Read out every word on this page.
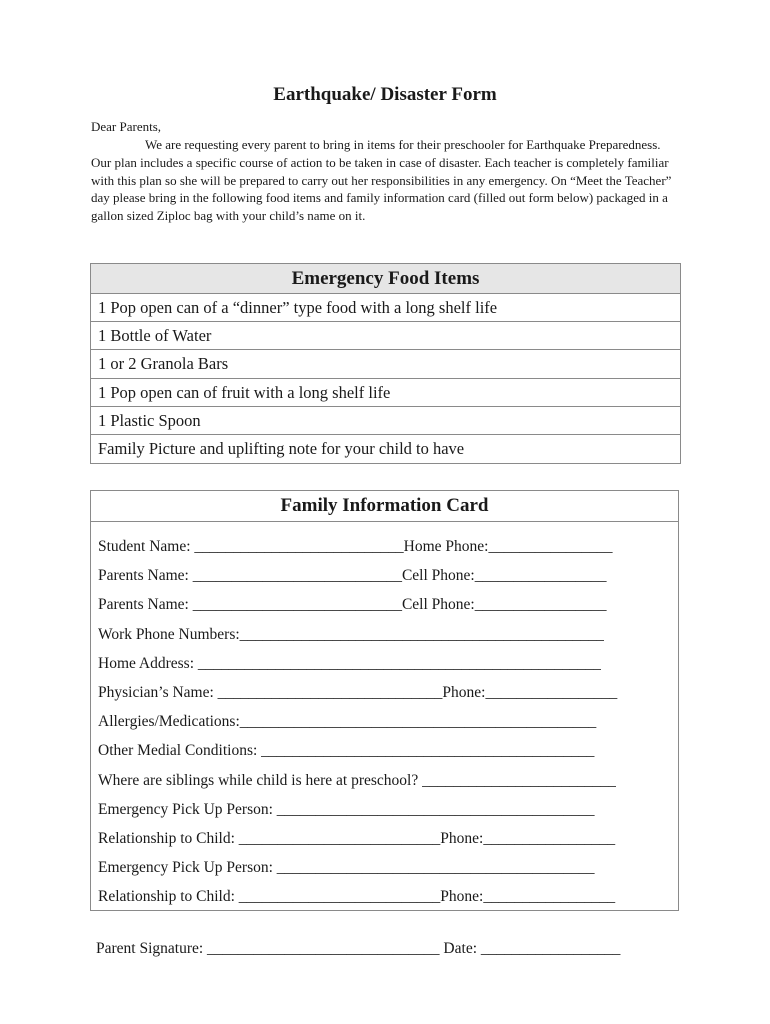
Earthquake/ Disaster Form
Dear Parents,
We are requesting every parent to bring in items for their preschooler for Earthquake Preparedness. Our plan includes a specific course of action to be taken in case of disaster. Each teacher is completely familiar with this plan so she will be prepared to carry out her responsibilities in any emergency. On “Meet the Teacher” day please bring in the following food items and family information card (filled out form below) packaged in a gallon sized Ziploc bag with your child’s name on it.
Emergency Food Items
1 Pop open can of a “dinner” type food with a long shelf life
1 Bottle of Water
1 or 2 Granola Bars
1 Pop open can of fruit with a long shelf life
1 Plastic Spoon
Family Picture and uplifting note for your child to have
Family Information Card
Student Name: ___________________________Home Phone:________________
Parents Name: ___________________________Cell Phone:_________________
Parents Name: ___________________________Cell Phone:_________________
Work Phone Numbers:_______________________________________________
Home Address: ____________________________________________________
Physician’s Name: _____________________________Phone:_________________
Allergies/Medications:______________________________________________
Other Medial Conditions: ___________________________________________
Where are siblings while child is here at preschool? _________________________
Emergency Pick Up Person: _________________________________________
Relationship to Child: __________________________Phone:_________________
Emergency Pick Up Person: _________________________________________
Relationship to Child: __________________________Phone:_________________
Parent Signature: ______________________________ Date: __________________
